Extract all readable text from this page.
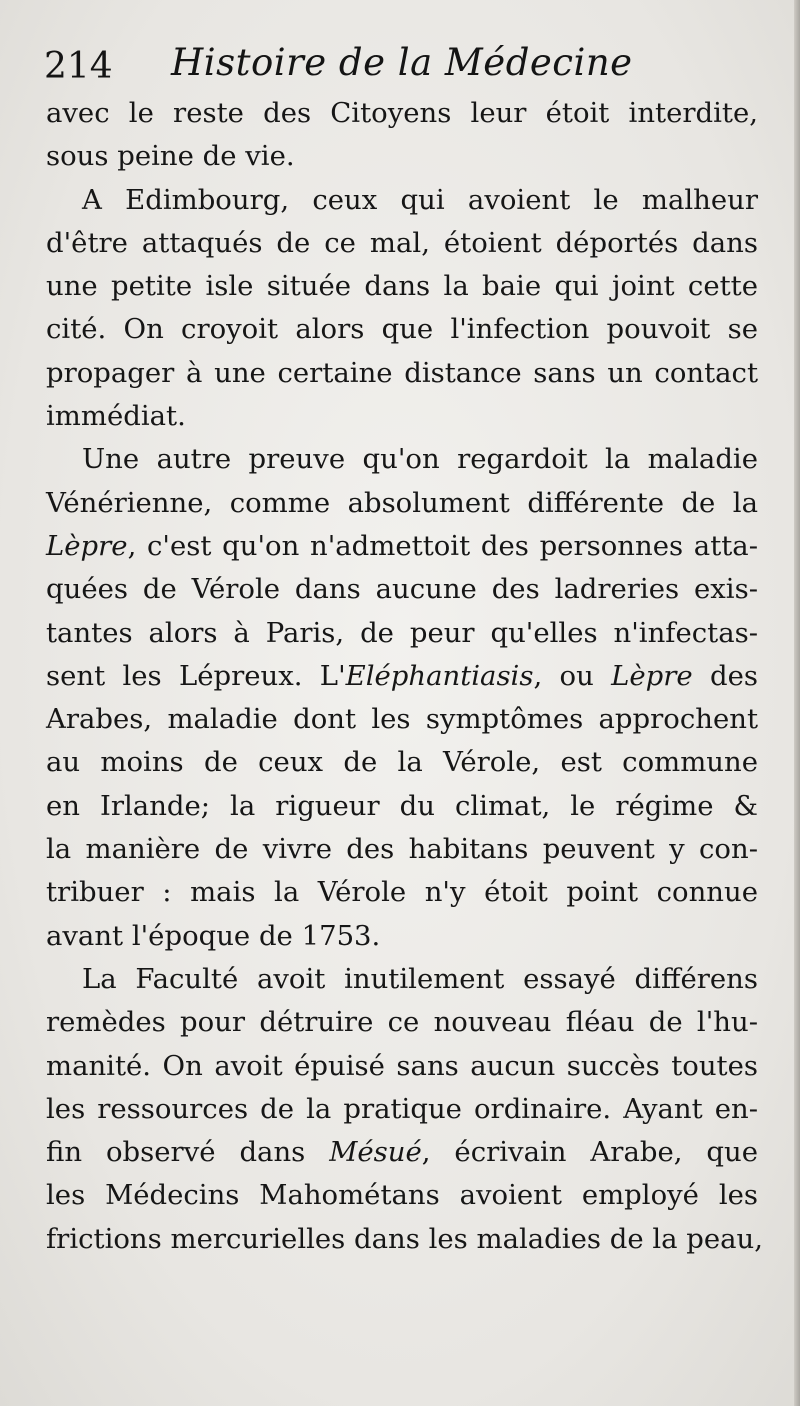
214 Histoire de la Médecine
avec le reste des Citoyens leur étoit interdite,
sous peine de vie.
A Edimbourg, ceux qui avoient le malheur
d'être attaqués de ce mal, étoient déportés dans
une petite isle située dans la baie qui joint cette
cité. On croyoit alors que l'infection pouvoit se
propager à une certaine distance sans un contact
immédiat.
Une autre preuve qu'on regardoit la maladie
Vénérienne, comme absolument différente de la
Lèpre, c'est qu'on n'admettoit des personnes atta-
quées de Vérole dans aucune des ladreries exis-
tantes alors à Paris, de peur qu'elles n'infectas-
sent les Lépreux. L'Eléphantiasis, ou Lèpre des
Arabes, maladie dont les symptômes approchent
au moins de ceux de la Vérole, est commune
en Irlande; la rigueur du climat, le régime &
la manière de vivre des habitans peuvent y con-
tribuer : mais la Vérole n'y étoit point connue
avant l'époque de 1753.
La Faculté avoit inutilement essayé différens
remèdes pour détruire ce nouveau fléau de l'hu-
manité. On avoit épuisé sans aucun succès toutes
les ressources de la pratique ordinaire. Ayant en-
fin observé dans Mésué, écrivain Arabe, que
les Médecins Mahométans avoient employé les
frictions mercurielles dans les maladies de la peau,
